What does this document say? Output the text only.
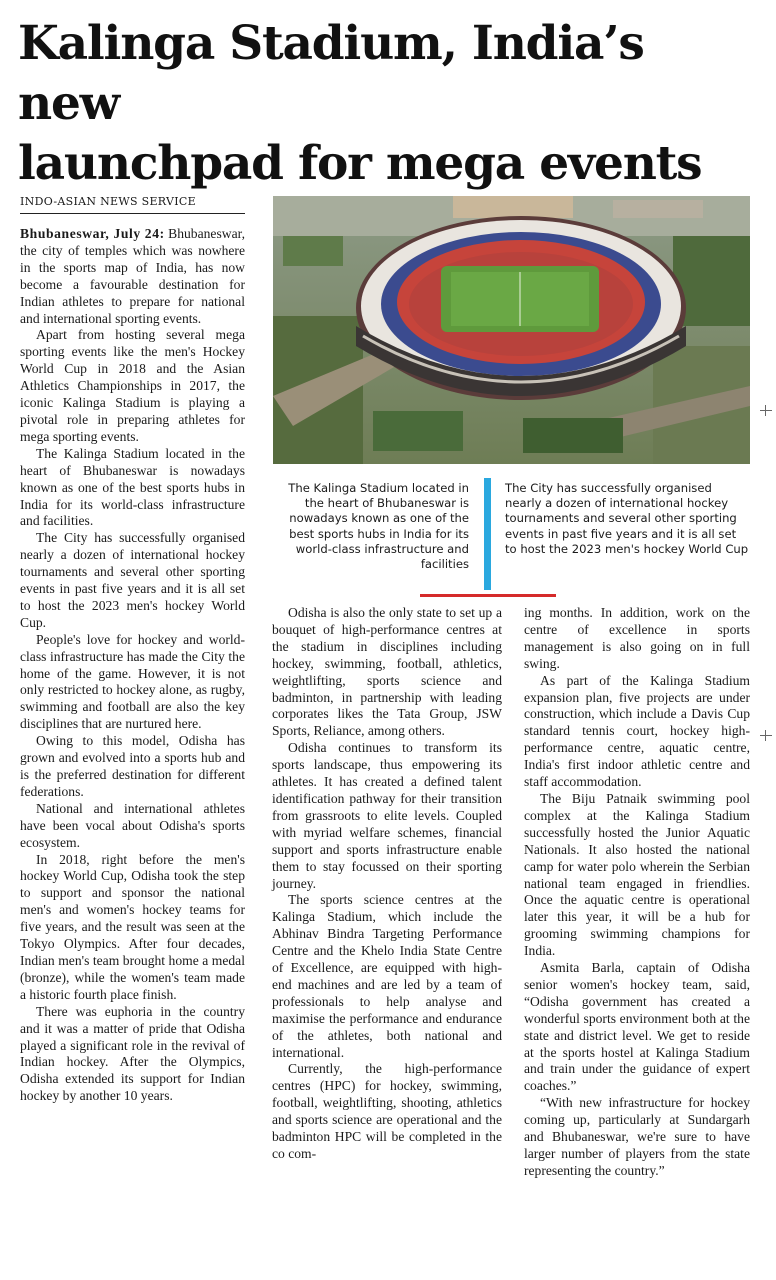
Kalinga Stadium, India’s new
launchpad for mega events
INDO-ASIAN NEWS SERVICE
The Kalinga Stadium located in the heart of Bhubaneswar is nowadays known as one of the best sports hubs in India for its world-class infrastructure and facilities
The City has successfully organised nearly a dozen of international hockey tournaments and several other sporting events in past five years and it is all set to host the 2023 men's hockey World Cup

Bhubaneswar, July 24: Bhubaneswar, the city of temples which was nowhere in the sports map of India, has now become a favourable destination for Indian athletes to prepare for national and international sporting events.

Apart from hosting several mega sporting events like the men's Hockey World Cup in 2018 and the Asian Athletics Championships in 2017, the iconic Kalinga Stadium is playing a pivotal role in preparing athletes for mega sporting events.

The Kalinga Stadium located in the heart of Bhubaneswar is nowadays known as one of the best sports hubs in India for its world-class infrastructure and facilities.

The City has successfully organised nearly a dozen of international hockey tournaments and several other sporting events in past five years and it is all set to host the 2023 men's hockey World Cup.

People's love for hockey and world-class infrastructure has made the City the home of the game. However, it is not only restricted to hockey alone, as rugby, swimming and football are also the key disciplines that are nurtured here.

Owing to this model, Odisha has grown and evolved into a sports hub and is the preferred destination for different federations.

National and international athletes have been vocal about Odisha's sports ecosystem.

In 2018, right before the men's hockey World Cup, Odisha took the step to support and sponsor the national men's and women's hockey teams for five years, and the result was seen at the Tokyo Olympics. After four decades, Indian men's team brought home a medal (bronze), while the women's team made a historic fourth place finish.

There was euphoria in the country and it was a matter of pride that Odisha played a significant role in the revival of Indian hockey. After the Olympics, Odisha extended its support for Indian hockey by another 10 years.

Odisha is also the only state to set up a bouquet of high-performance centres at the stadium in disciplines including hockey, swimming, football, athletics, weightlifting, sports science and badminton, in partnership with leading corporates likes the Tata Group, JSW Sports, Reliance, among others.

Odisha continues to transform its sports landscape, thus empowering its athletes. It has created a defined talent identification pathway for their transition from grassroots to elite levels. Coupled with myriad welfare schemes, financial support and sports infrastructure enable them to stay focussed on their sporting journey.

The sports science centres at the Kalinga Stadium, which include the Abhinav Bindra Targeting Performance Centre and the Khelo India State Centre of Excellence, are equipped with high-end machines and are led by a team of professionals to help analyse and maximise the performance and endurance of the athletes, both national and international.

Currently, the high-performance centres (HPC) for hockey, swimming, football, weightlifting, shooting, athletics and sports science are operational and the badminton HPC will be completed in the co com-

ing months. In addition, work on the centre of excellence in sports management is also going on in full swing.

As part of the Kalinga Stadium expansion plan, five projects are under construction, which include a Davis Cup standard tennis court, hockey high-performance centre, aquatic centre, India's first indoor athletic centre and staff accommodation.

The Biju Patnaik swimming pool complex at the Kalinga Stadium successfully hosted the Junior Aquatic Nationals. It also hosted the national camp for water polo wherein the Serbian national team engaged in friendlies. Once the aquatic centre is operational later this year, it will be a hub for grooming swimming champions for India.

Asmita Barla, captain of Odisha senior women's hockey team, said, “Odisha government has created a wonderful sports environment both at the state and district level. We get to reside at the sports hostel at Kalinga Stadium and train under the guidance of expert coaches.”

“With new infrastructure for hockey coming up, particularly at Sundargarh and Bhubaneswar, we're sure to have larger number of players from the state representing the country.”
